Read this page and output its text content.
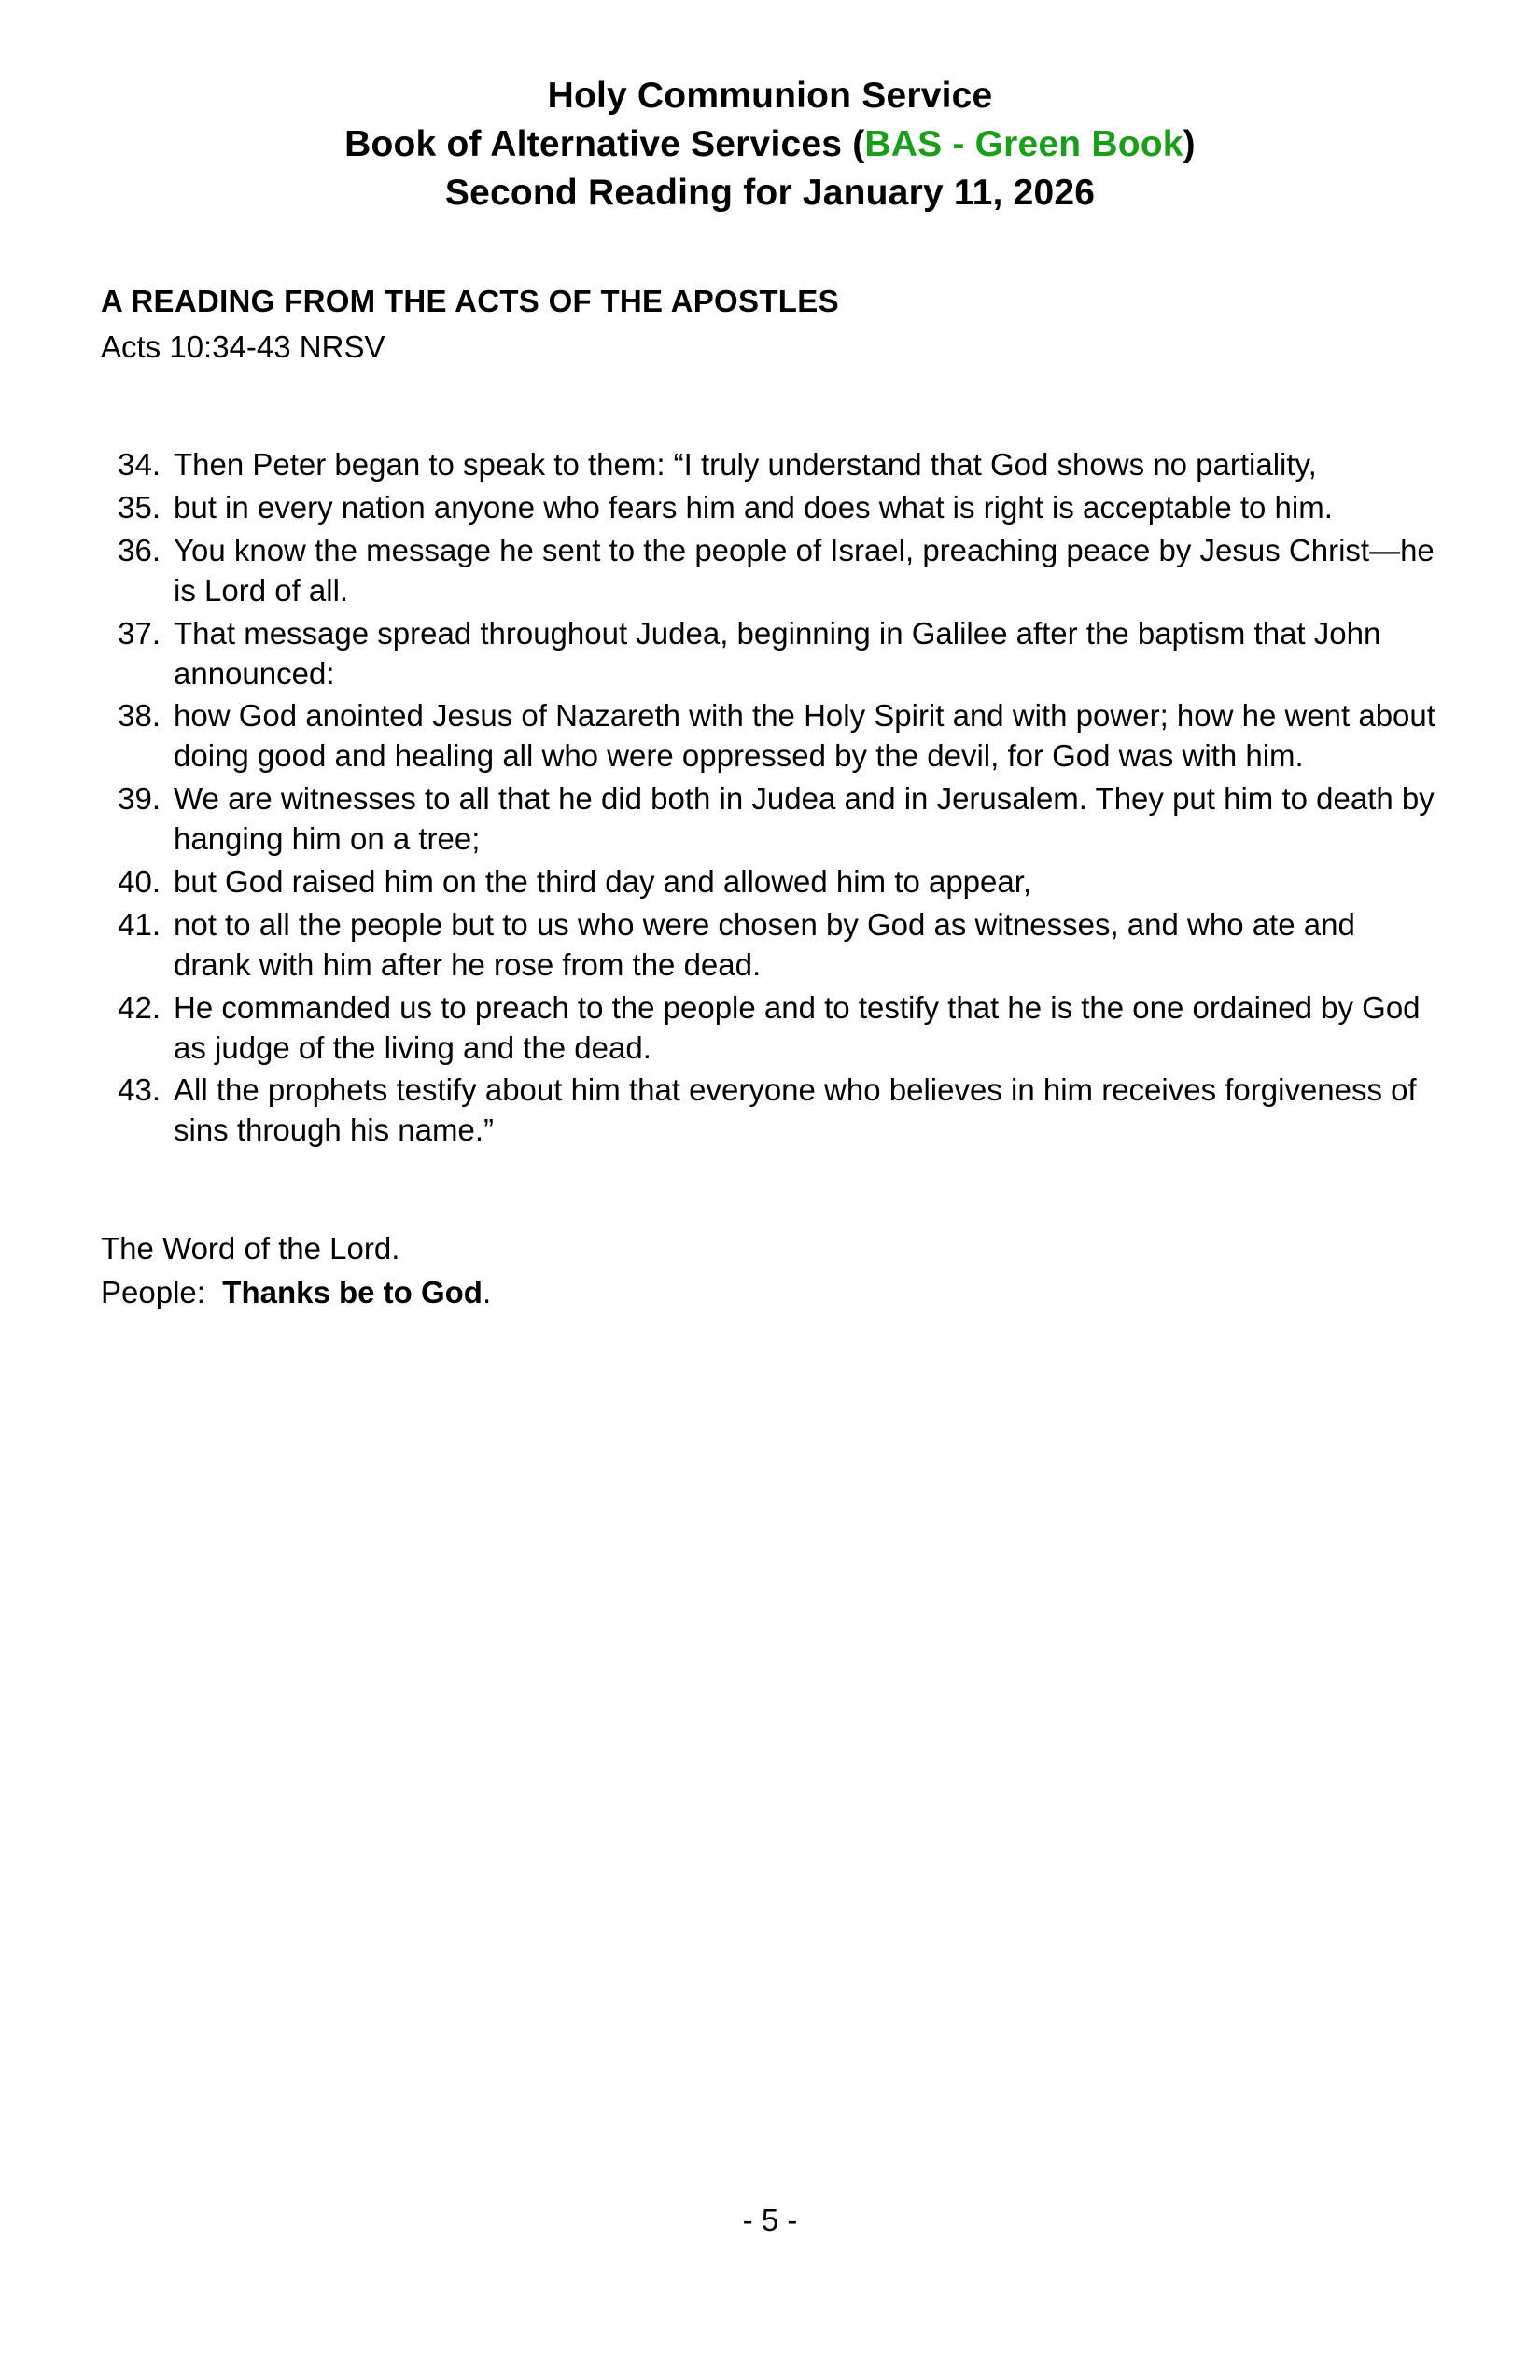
Holy Communion Service
Book of Alternative Services (BAS - Green Book)
Second Reading for January 11, 2026
A READING FROM THE ACTS OF THE APOSTLES
Acts 10:34-43 NRSV
34. Then Peter began to speak to them: “I truly understand that God shows no partiality,
35. but in every nation anyone who fears him and does what is right is acceptable to him.
36. You know the message he sent to the people of Israel, preaching peace by Jesus Christ—he is Lord of all.
37. That message spread throughout Judea, beginning in Galilee after the baptism that John announced:
38. how God anointed Jesus of Nazareth with the Holy Spirit and with power; how he went about doing good and healing all who were oppressed by the devil, for God was with him.
39. We are witnesses to all that he did both in Judea and in Jerusalem. They put him to death by hanging him on a tree;
40. but God raised him on the third day and allowed him to appear,
41. not to all the people but to us who were chosen by God as witnesses, and who ate and drank with him after he rose from the dead.
42. He commanded us to preach to the people and to testify that he is the one ordained by God as judge of the living and the dead.
43. All the prophets testify about him that everyone who believes in him receives forgiveness of sins through his name.”
The Word of the Lord.
People: Thanks be to God.
- 5 -
